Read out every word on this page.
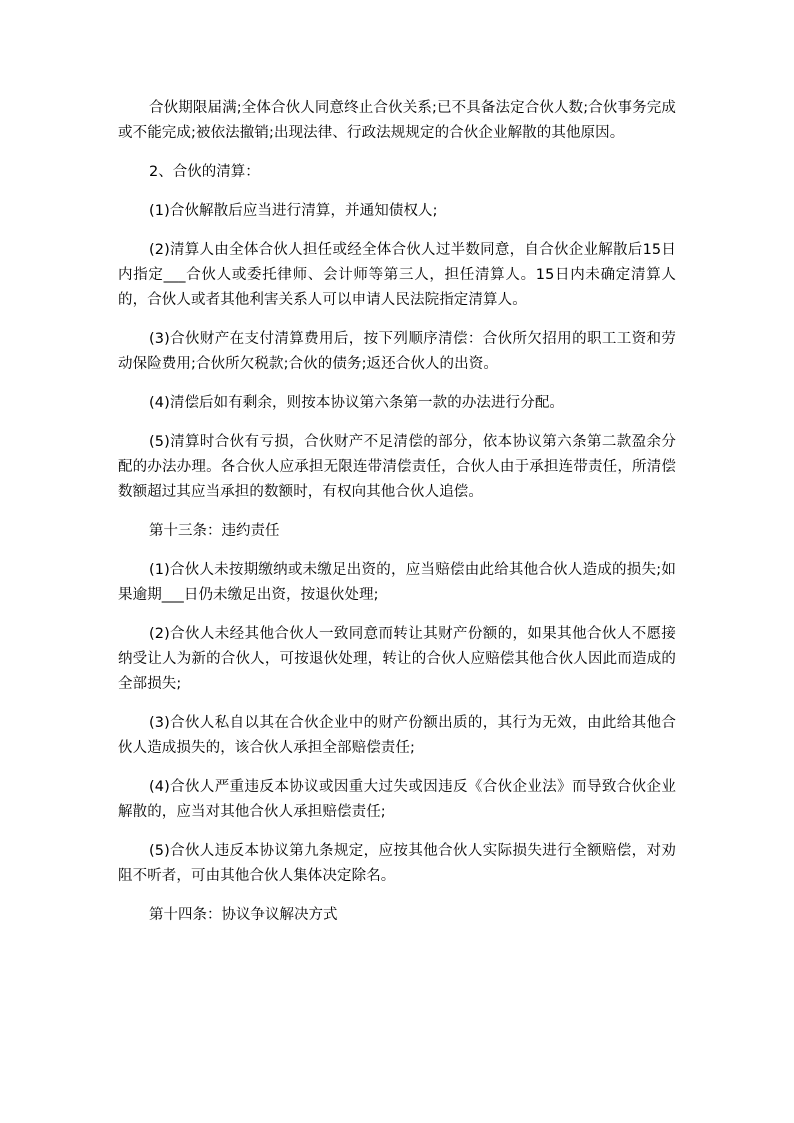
合伙期限届满;全体合伙人同意终止合伙关系;已不具备法定合伙人数;合伙事务完成或不能完成;被依法撤销;出现法律、行政法规规定的合伙企业解散的其他原因。

2、合伙的清算：

(1)合伙解散后应当进行清算，并通知债权人;

(2)清算人由全体合伙人担任或经全体合伙人过半数同意，自合伙企业解散后15日内指定___合伙人或委托律师、会计师等第三人，担任清算人。15日内未确定清算人的，合伙人或者其他利害关系人可以申请人民法院指定清算人。

(3)合伙财产在支付清算费用后，按下列顺序清偿：合伙所欠招用的职工工资和劳动保险费用;合伙所欠税款;合伙的债务;返还合伙人的出资。

(4)清偿后如有剩余，则按本协议第六条第一款的办法进行分配。

(5)清算时合伙有亏损，合伙财产不足清偿的部分，依本协议第六条第二款盈余分配的办法办理。各合伙人应承担无限连带清偿责任，合伙人由于承担连带责任，所清偿数额超过其应当承担的数额时，有权向其他合伙人追偿。

第十三条：违约责任

(1)合伙人未按期缴纳或未缴足出资的，应当赔偿由此给其他合伙人造成的损失;如果逾期___日仍未缴足出资，按退伙处理;

(2)合伙人未经其他合伙人一致同意而转让其财产份额的，如果其他合伙人不愿接纳受让人为新的合伙人，可按退伙处理，转让的合伙人应赔偿其他合伙人因此而造成的全部损失;

(3)合伙人私自以其在合伙企业中的财产份额出质的，其行为无效，由此给其他合伙人造成损失的，该合伙人承担全部赔偿责任;

(4)合伙人严重违反本协议或因重大过失或因违反《合伙企业法》而导致合伙企业解散的，应当对其他合伙人承担赔偿责任;

(5)合伙人违反本协议第九条规定，应按其他合伙人实际损失进行全额赔偿，对劝阻不听者，可由其他合伙人集体决定除名。

第十四条：协议争议解决方式
